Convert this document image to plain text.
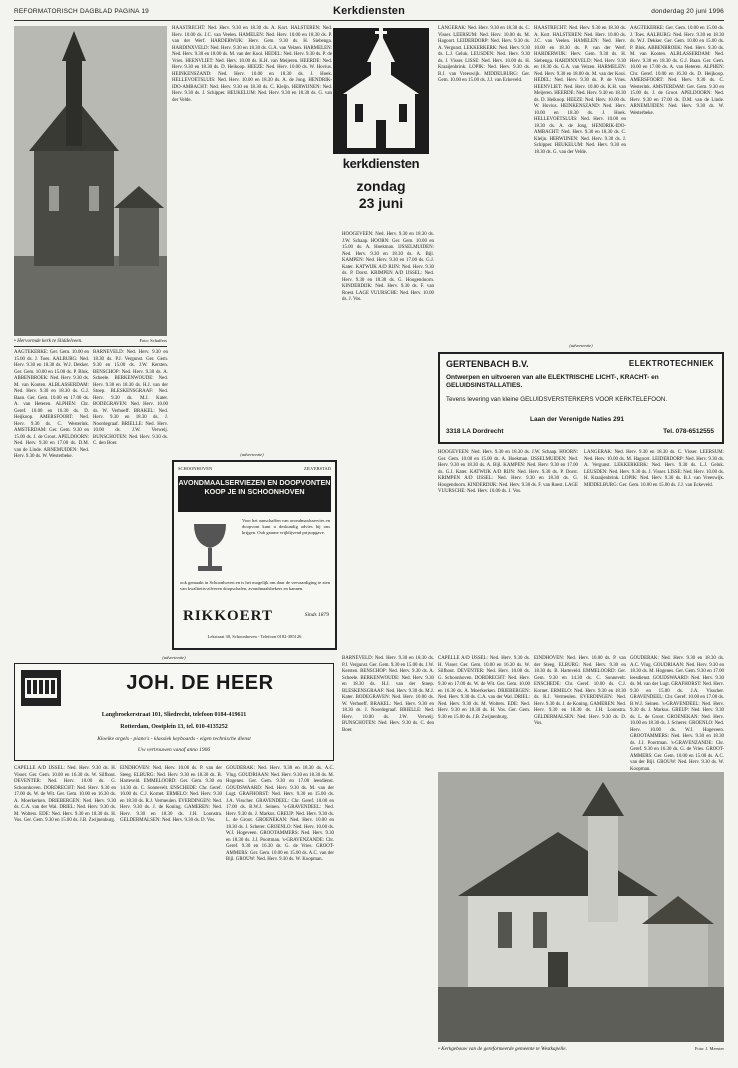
REFORMATORISCH DAGBLAD PAGINA 19	Kerkdiensten	donderdag 20 juni 1996
• Hervormde kerk te Sliddelveen.	Foto: Schaffers

AAGTEKERKE: Ger. Gem. 10.00 en 15.00 ds. J. Toes. AALBURG: Ned. Herv. 9.30 en 18.30 ds. W.J. Dekker. Ger. Gem. 10.00 en 15.00 ds. P. Blok. ABBENBROEK: Ned. Herv. 9.30 ds. M. van Kooten. ALBLASSERDAM: Ned. Herv. 9.30 en 18.30 ds. G.J. Baan. Ger. Gem. 10.00 en 17.00 ds. A. van Heteren. ALPHEN: Chr. Geref. 10.00 en 16.30 ds. D. Heijkoop. AMERSFOORT: Ned. Herv. 9.30 ds. C. Westerink. AMSTERDAM: Ger. Gem. 9.30 en 15.00 ds. J. de Groot. APELDOORN: Ned. Herv. 9.30 en 17.00 ds. D.M. van de Linde. ARNEMUIDEN: Ned. Herv. 9.30 ds. W. Westerbeke.

BARNEVELD: Ned. Herv. 9.30 en 18.30 ds. P.J. Vergunst. Ger. Gem. 9.30 en 15.00 ds. J.W. Kersten. BENSCHOP: Ned. Herv. 9.30 ds. A. Scheele. BERKENWOUDE: Ned. Herv. 9.30 en 18.30 ds. H.J. van der Stoep. BLESKENSGRAAF: Ned. Herv. 9.30 ds. M.J. Kater. BODEGRAVEN: Ned. Herv. 10.00 ds. W. Verhoeff. BRAKEL: Ned. Herv. 9.30 en 18.30 ds. J. Noordegraaf. BRIELLE: Ned. Herv. 10.00 ds. J.W. Verweij. BUNSCHOTEN: Ned. Herv. 9.30 ds. C. den Boer.

(advertentie)
JOH. DE HEER
Langbroekerstraat 101, Sliedrecht, telefoon 0184-419611
Rotterdam, Oostplein 13, tel. 010-4135252
Kloeike orgels - piano's - klassiek keyboards - eigen technische dienst
Uw vertrouwen vanaf anno 1906

CAPELLE A/D IJSSEL: Ned. Herv. 9.30 ds. H. Visser. Ger. Gem. 10.00 en 16.30 ds. W. Silfhout. DEVENTER: Ned. Herv. 10.00 ds. G. Schoonhoven. DORDRECHT: Ned. Herv. 9.30 en 17.00 ds. W. de Wit. Ger. Gem. 10.00 en 16.30 ds. A. Moerkerken. DRIEBERGEN: Ned. Herv. 9.30 ds. C.A. van der Wal. DRIEL: Ned. Herv. 9.30 ds. M. Wolters. EDE: Ned. Herv. 9.30 en 18.30 ds. H. Vos. Ger. Gem. 9.30 en 15.00 ds. J.B. Zwijnenburg.

EINDHOVEN: Ned. Herv. 10.00 ds. P. van der Steeg. ELBURG: Ned. Herv. 9.30 en 18.30 ds. B. Harteveld. EMMELOORD: Ger. Gem. 9.30 en 14.30 ds. C. Sonnevelt. ENSCHEDE: Chr. Geref. 10.00 ds. C.J. Kornet. ERMELO: Ned. Herv. 9.30 en 18.30 ds. R.J. Vermeulen. EVERDINGEN: Ned. Herv. 9.30 ds. J. de Koning. GAMEREN: Ned. Herv. 9.30 en 18.30 ds. J.H. Loonstra. GELDERMALSEN: Ned. Herv. 9.30 ds. D. Vos.

GOUDERAK: Ned. Herv. 9.30 en 18.30 ds. A.C. Vlug. GOUDRIAAN: Ned. Herv. 9.30 en 18.30 ds. M. Hogenes. Ger. Gem. 9.30 en 17.00 leesdienst. GOUDSWAARD: Ned. Herv. 9.30 ds. M. van der Lugt. GRAFHORST: Ned. Herv. 9.30 en 15.00 ds. J.A. Visscher. GRAVENDEEL: Chr. Geref. 10.00 en 17.00 ds. B.W.J. Seinen. 's-GRAVENDEEL: Ned. Herv. 9.30 ds. J. Markus. GREUP: Ned. Herv. 9.30 ds. L. de Groot. GROENEKAN: Ned. Herv. 10.00 en 18.30 ds. J. Scherer. GROENLO: Ned. Herv. 10.00 ds. W.J. Hogeveen. GROOTAMMERS: Ned. Herv. 9.30 en 18.30 ds. J.J. Poortman. 's-GRAVENZANDE: Chr. Geref. 9.30 en 16.30 ds. G. de Vries. GROOT-AMMERS: Ger. Gem. 10.00 en 15.00 ds. A.C. van der Bijl. GROUW: Ned. Herv. 9.30 ds. W. Koopman.

HAASTRECHT: Ned. Herv. 9.30 en 18.30 ds. A. Kort. HALSTEREN: Ned. Herv. 10.00 ds. J.C. van Veelen. HAMELEN: Ned. Herv. 10.00 en 18.30 ds. P. van der Werf. HARDERWIJK: Herv. Gem. 9.30 ds. H. Siebenga. HARDINXVELD: Ned. Herv. 9.30 en 18.30 ds. G.A. van Velzen. HARMELEN: Ned. Herv. 9.30 en 18.00 ds. M. van der Kooi. HEDEL: Ned. Herv. 9.30 ds. P. de Vries. HEENVLIET: Ned. Herv. 10.00 ds. K.H. van Meijeren. HEERDE: Ned. Herv. 9.30 en 18.30 ds. D. Heikoop. HEEZE: Ned. Herv. 10.00 ds. W. Hovius. HEINKENSZAND: Ned. Herv. 10.00 en 18.30 ds. J. Hoek. HELLEVOETSLUIS: Ned. Herv. 10.00 en 18.30 ds. A. de Jong. HENDRIK-IDO-AMBACHT: Ned. Herv. 9.30 en 18.30 ds. C. Kleijn. HERWIJNEN: Ned. Herv. 9.30 ds. J. Schipper. HEUKELUM: Ned. Herv. 9.30 en 18.30 ds. G. van der Velde.

kerkdiensten
zondag
23 juni
(advertentie)
SCHOONHOVEN	ZILVERSTAD
AVONDMAALSERVIEZEN EN DOOPVONTEN KOOP JE IN SCHOONHOVEN
Voor het aanschaffen van avondmaalsservies en doopvont kunt u deskundig advies bij ons krijgen. Ook gaarne vrijblijvend prijsopgave.
ook gemaakt in Schoonhoven en is het mogelijk om daar de vervaardiging te zien van kwaliteits-zilveren doopschalen, avondmaalsbekers en kannen.
RIKKOERT	Sinds 1879
Lekstraat 30, Schoonhoven - Telefoon 0182-385126

HOOGEVEEN: Ned. Herv. 9.30 en 18.30 ds. J.W. Schaap. HOORN: Ger. Gem. 10.00 en 15.00 ds. A. Hoekman. IJSSELMUIDEN: Ned. Herv. 9.30 en 18.30 ds. A. Bijl. KAMPEN: Ned. Herv. 9.30 en 17.00 ds. G.J. Kater. KATWIJK A/D RIJN: Ned. Herv. 9.30 ds. P. Dorst. KRIMPEN A/D IJSSEL: Ned. Herv. 9.30 en 18.30 ds. G. Hoogendoorn. KINDERDIJK: Ned. Herv. 9.30 ds. F. van Roest. LAGE VUURSCHE: Ned. Herv. 10.00 ds. J. Vos.

LANGERAK: Ned. Herv. 9.30 en 18.30 ds. C. Visser. LEERSUM: Ned. Herv. 10.00 ds. M. Hagoort. LEIDERDORP: Ned. Herv. 9.30 ds. A. Vergunst. LEKKERKERK: Ned. Herv. 9.30 ds. L.J. Geluk. LEUSDEN: Ned. Herv. 9.30 ds. J. Visser. LISSE: Ned. Herv. 10.00 ds. H. Kraaijenbrink. LOPIK: Ned. Herv. 9.30 ds. B.J. van Vreeswijk. MIDDELBURG: Ger. Gem. 10.00 en 15.00 ds. J.J. van Eckeveld.

HAASTRECHT: Ned. Herv. 9.30 en 18.30 ds. A. Kort. HALSTEREN: Ned. Herv. 10.00 ds. J.C. van Veelen. HAMELEN: Ned. Herv. 10.00 en 18.30 ds. P. van der Werf. HARDERWIJK: Herv. Gem. 9.30 ds. H. Siebenga. HARDINXVELD: Ned. Herv. 9.30 en 18.30 ds. G.A. van Velzen. HARMELEN: Ned. Herv. 9.30 en 18.00 ds. M. van der Kooi. HEDEL: Ned. Herv. 9.30 ds. P. de Vries. HEENVLIET: Ned. Herv. 10.00 ds. K.H. van Meijeren. HEERDE: Ned. Herv. 9.30 en 18.30 ds. D. Heikoop. HEEZE: Ned. Herv. 10.00 ds. W. Hovius. HEINKENSZAND: Ned. Herv. 10.00 en 18.30 ds. J. Hoek. HELLEVOETSLUIS: Ned. Herv. 10.00 en 18.30 ds. A. de Jong. HENDRIK-IDO-AMBACHT: Ned. Herv. 9.30 en 18.30 ds. C. Kleijn. HERWIJNEN: Ned. Herv. 9.30 ds. J. Schipper. HEUKELUM: Ned. Herv. 9.30 en 18.30 ds. G. van der Velde.

AAGTEKERKE: Ger. Gem. 10.00 en 15.00 ds. J. Toes. AALBURG: Ned. Herv. 9.30 en 18.30 ds. W.J. Dekker. Ger. Gem. 10.00 en 15.00 ds. P. Blok. ABBENBROEK: Ned. Herv. 9.30 ds. M. van Kooten. ALBLASSERDAM: Ned. Herv. 9.30 en 18.30 ds. G.J. Baan. Ger. Gem. 10.00 en 17.00 ds. A. van Heteren. ALPHEN: Chr. Geref. 10.00 en 16.30 ds. D. Heijkoop. AMERSFOORT: Ned. Herv. 9.30 ds. C. Westerink. AMSTERDAM: Ger. Gem. 9.30 en 15.00 ds. J. de Groot. APELDOORN: Ned. Herv. 9.30 en 17.00 ds. D.M. van de Linde. ARNEMUIDEN: Ned. Herv. 9.30 ds. W. Westerbeke.

(advertentie)
GERTENBACH B.V.	ELEKTROTECHNIEK
Ontwerpen en uitvoeren van alle ELEKTRISCHE LICHT-, KRACHT- en GELUIDSINSTALLATIES.
Tevens levering van kleine GELUIDSVERSTERKERS VOOR KERKTELEFOON.
Laan der Verenigde Naties 291
3318 LA Dordrecht	Tel. 078-6512555

HOOGEVEEN: Ned. Herv. 9.30 en 18.30 ds. J.W. Schaap. HOORN: Ger. Gem. 10.00 en 15.00 ds. A. Hoekman. IJSSELMUIDEN: Ned. Herv. 9.30 en 18.30 ds. A. Bijl. KAMPEN: Ned. Herv. 9.30 en 17.00 ds. G.J. Kater. KATWIJK A/D RIJN: Ned. Herv. 9.30 ds. P. Dorst. KRIMPEN A/D IJSSEL: Ned. Herv. 9.30 en 18.30 ds. G. Hoogendoorn. KINDERDIJK: Ned. Herv. 9.30 ds. F. van Roest. LAGE VUURSCHE: Ned. Herv. 10.00 ds. J. Vos.

LANGERAK: Ned. Herv. 9.30 en 18.30 ds. C. Visser. LEERSUM: Ned. Herv. 10.00 ds. M. Hagoort. LEIDERDORP: Ned. Herv. 9.30 ds. A. Vergunst. LEKKERKERK: Ned. Herv. 9.30 ds. L.J. Geluk. LEUSDEN: Ned. Herv. 9.30 ds. J. Visser. LISSE: Ned. Herv. 10.00 ds. H. Kraaijenbrink. LOPIK: Ned. Herv. 9.30 ds. B.J. van Vreeswijk. MIDDELBURG: Ger. Gem. 10.00 en 15.00 ds. J.J. van Eckeveld.

BARNEVELD: Ned. Herv. 9.30 en 18.30 ds. P.J. Vergunst. Ger. Gem. 9.30 en 15.00 ds. J.W. Kersten. BENSCHOP: Ned. Herv. 9.30 ds. A. Scheele. BERKENWOUDE: Ned. Herv. 9.30 en 18.30 ds. H.J. van der Stoep. BLESKENSGRAAF: Ned. Herv. 9.30 ds. M.J. Kater. BODEGRAVEN: Ned. Herv. 10.00 ds. W. Verhoeff. BRAKEL: Ned. Herv. 9.30 en 18.30 ds. J. Noordegraaf. BRIELLE: Ned. Herv. 10.00 ds. J.W. Verweij. BUNSCHOTEN: Ned. Herv. 9.30 ds. C. den Boer.

CAPELLE A/D IJSSEL: Ned. Herv. 9.30 ds. H. Visser. Ger. Gem. 10.00 en 16.30 ds. W. Silfhout. DEVENTER: Ned. Herv. 10.00 ds. G. Schoonhoven. DORDRECHT: Ned. Herv. 9.30 en 17.00 ds. W. de Wit. Ger. Gem. 10.00 en 16.30 ds. A. Moerkerken. DRIEBERGEN: Ned. Herv. 9.30 ds. C.A. van der Wal. DRIEL: Ned. Herv. 9.30 ds. M. Wolters. EDE: Ned. Herv. 9.30 en 18.30 ds. H. Vos. Ger. Gem. 9.30 en 15.00 ds. J.B. Zwijnenburg.

EINDHOVEN: Ned. Herv. 10.00 ds. P. van der Steeg. ELBURG: Ned. Herv. 9.30 en 18.30 ds. B. Harteveld. EMMELOORD: Ger. Gem. 9.30 en 14.30 ds. C. Sonnevelt. ENSCHEDE: Chr. Geref. 10.00 ds. C.J. Kornet. ERMELO: Ned. Herv. 9.30 en 18.30 ds. R.J. Vermeulen. EVERDINGEN: Ned. Herv. 9.30 ds. J. de Koning. GAMEREN: Ned. Herv. 9.30 en 18.30 ds. J.H. Loonstra. GELDERMALSEN: Ned. Herv. 9.30 ds. D. Vos.

GOUDERAK: Ned. Herv. 9.30 en 18.30 ds. A.C. Vlug. GOUDRIAAN: Ned. Herv. 9.30 en 18.30 ds. M. Hogenes. Ger. Gem. 9.30 en 17.00 leesdienst. GOUDSWAARD: Ned. Herv. 9.30 ds. M. van der Lugt. GRAFHORST: Ned. Herv. 9.30 en 15.00 ds. J.A. Visscher. GRAVENDEEL: Chr. Geref. 10.00 en 17.00 ds. B.W.J. Seinen. 's-GRAVENDEEL: Ned. Herv. 9.30 ds. J. Markus. GREUP: Ned. Herv. 9.30 ds. L. de Groot. GROENEKAN: Ned. Herv. 10.00 en 18.30 ds. J. Scherer. GROENLO: Ned. Herv. 10.00 ds. W.J. Hogeveen. GROOTAMMERS: Ned. Herv. 9.30 en 18.30 ds. J.J. Poortman. 's-GRAVENZANDE: Chr. Geref. 9.30 en 16.30 ds. G. de Vries. GROOT-AMMERS: Ger. Gem. 10.00 en 15.00 ds. A.C. van der Bijl. GROUW: Ned. Herv. 9.30 ds. W. Koopman.

• Kerkgebouw van de gereformeerde gemeente te Westkapelle.	Foto: J. Meester
